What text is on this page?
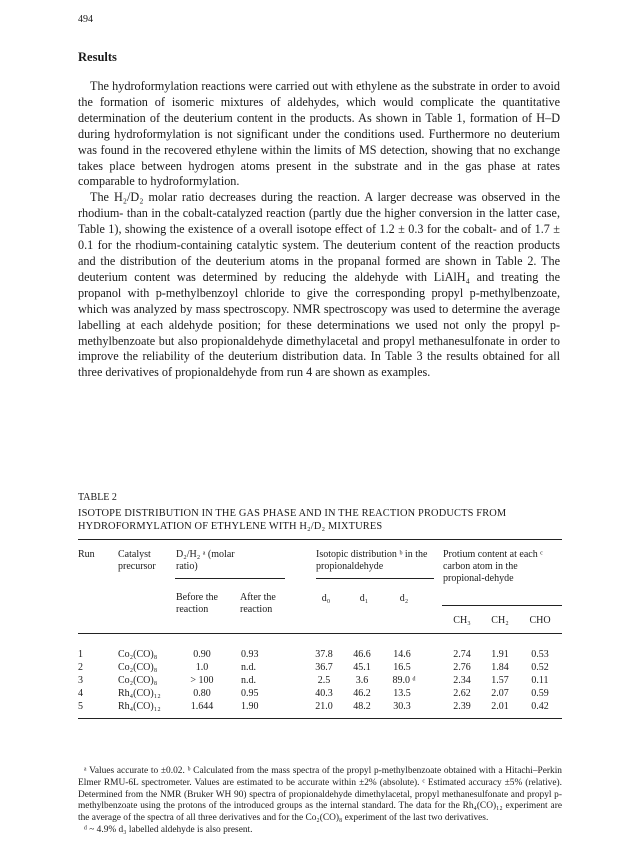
494
Results

The hydroformylation reactions were carried out with ethylene as the substrate in order to avoid the formation of isomeric mixtures of aldehydes, which would complicate the quantitative determination of the deuterium content in the products. As shown in Table 1, formation of H–D during hydroformylation is not significant under the conditions used. Furthermore no deuterium was found in the recovered ethylene within the limits of MS detection, showing that no exchange takes place between hydrogen atoms present in the substrate and in the gas phase at rates comparable to hydroformylation.

The H₂/D₂ molar ratio decreases during the reaction. A larger decrease was observed in the rhodium- than in the cobalt-catalyzed reaction (partly due the higher conversion in the latter case, Table 1), showing the existence of a overall isotope effect of 1.2 ± 0.3 for the cobalt- and of 1.7 ± 0.1 for the rhodium-containing catalytic system. The deuterium content of the reaction products and the distribution of the deuterium atoms in the propanal formed are shown in Table 2. The deuterium content was determined by reducing the aldehyde with LiAlH₄ and treating the propanol with p-methylbenzoyl chloride to give the corresponding propyl p-methylbenzoate, which was analyzed by mass spectroscopy. NMR spectroscopy was used to determine the average labelling at each aldehyde position; for these determinations we used not only the propyl p-methylbenzoate but also propionaldehyde dimethylacetal and propyl methanesulfonate in order to improve the reliability of the deuterium distribution data. In Table 3 the results obtained for all three derivatives of propionaldehyde from run 4 are shown as examples.

TABLE 2
ISOTOPE DISTRIBUTION IN THE GAS PHASE AND IN THE REACTION PRODUCTS FROM HYDROFORMYLATION OF ETHYLENE WITH H₂/D₂ MIXTURES
Run Catalyst precursor
D₂/H₂ ᵃ (molar ratio)
Before the reaction
After the reaction
Isotopic distribution ᵇ in the propionaldehyde
d₀	d₁	d₂
Protium content at each ᶜ carbon atom in the propional-dehyde
CH₃	CH₂	CHO
1	Co₂(CO)₈	0.90	0.93	37.8	46.6	14.6	2.74	1.91	0.53
2	Co₂(CO)₈	1.0	n.d.	36.7	45.1	16.5	2.76	1.84	0.52
3	Co₂(CO)₈	> 100	n.d.	2.5	3.6	89.0 ᵈ	2.34	1.57	0.11
4	Rh₄(CO)₁₂	0.80	0.95	40.3	46.2	13.5	2.62	2.07	0.59
5	Rh₄(CO)₁₂	1.644	1.90	21.0	48.2	30.3	2.39	2.01	0.42

ᵃ Values accurate to ±0.02. ᵇ Calculated from the mass spectra of the propyl p-methylbenzoate obtained with a Hitachi–Perkin Elmer RMU-6L spectrometer. Values are estimated to be accurate within ±2% (absolute). ᶜ Estimated accuracy ±5% (relative). Determined from the NMR (Bruker WH 90) spectra of propionaldehyde dimethylacetal, propyl methanesulfonate and propyl p-methylbenzoate using the protons of the introduced groups as the internal standard. The data for the Rh₄(CO)₁₂ experiment are the average of the spectra of all three derivatives and for the Co₂(CO)₈ experiment of the last two derivatives.

ᵈ ~ 4.9% d₃ labelled aldehyde is also present.
